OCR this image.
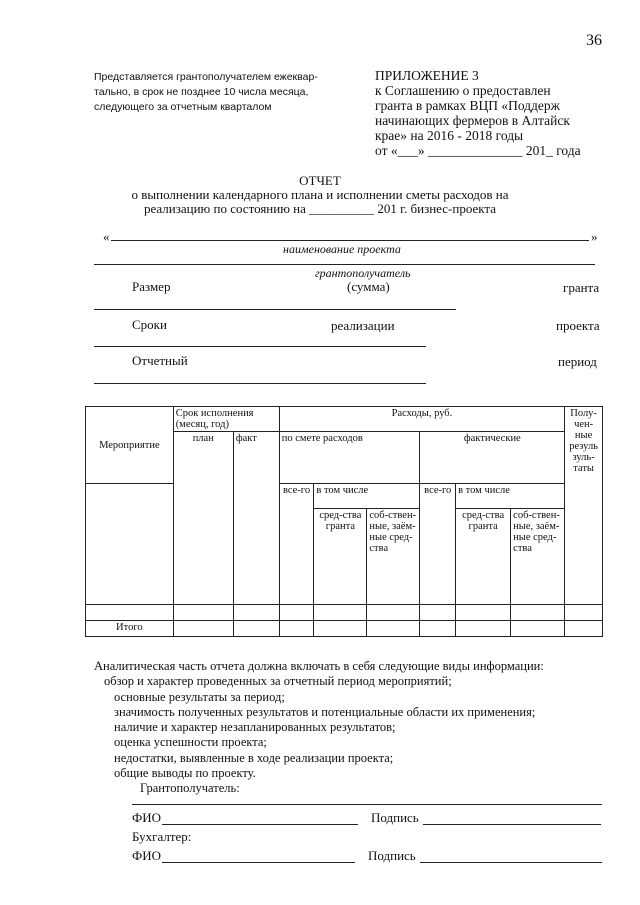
36
Представляется грантополучателем ежеквар-
тально, в срок не позднее 10 числа месяца,
следующего за отчетным кварталом
ПРИЛОЖЕНИЕ 3
к Соглашению о предоставлен
гранта в рамках ВЦП «Поддерж
начинающих фермеров в Алтайск
крае» на 2016 - 2018 годы
от «___» ______________ 201_ года
ОТЧЕТ
о выполнении календарного плана и исполнении сметы расходов на
реализацию по состоянию на __________ 201 г. бизнес-проекта
«	»
наименование проекта
грантополучатель
Размер	(сумма)	гранта
Сроки	реализации	проекта
Отчетный	период
Мероприятие	Срок исполнения (месяц, год)		Расходы, руб.						Полу-чен-ные резуль зуль-таты
	план	факт	по смете расходов			фактические			
			все-го	в том числе		все-го	в том числе		
				сред-ства гранта	соб-ствен-ные, заём-ные сред-ства		сред-ства гранта	соб-ствен-ные, заём-ные сред-ства	

Итого									
Аналитическая часть отчета должна включать в себя следующие виды информации:
обзор и характер проведенных за отчетный период мероприятий;
основные результаты за период;
значимость полученных результатов и потенциальные области их применения;
наличие и характер незапланированных результатов;
оценка успешности проекта;
недостатки, выявленные в ходе реализации проекта;
общие выводы по проекту.
Грантополучатель:
ФИО	Подпись
Бухгалтер:
ФИО	Подпись
